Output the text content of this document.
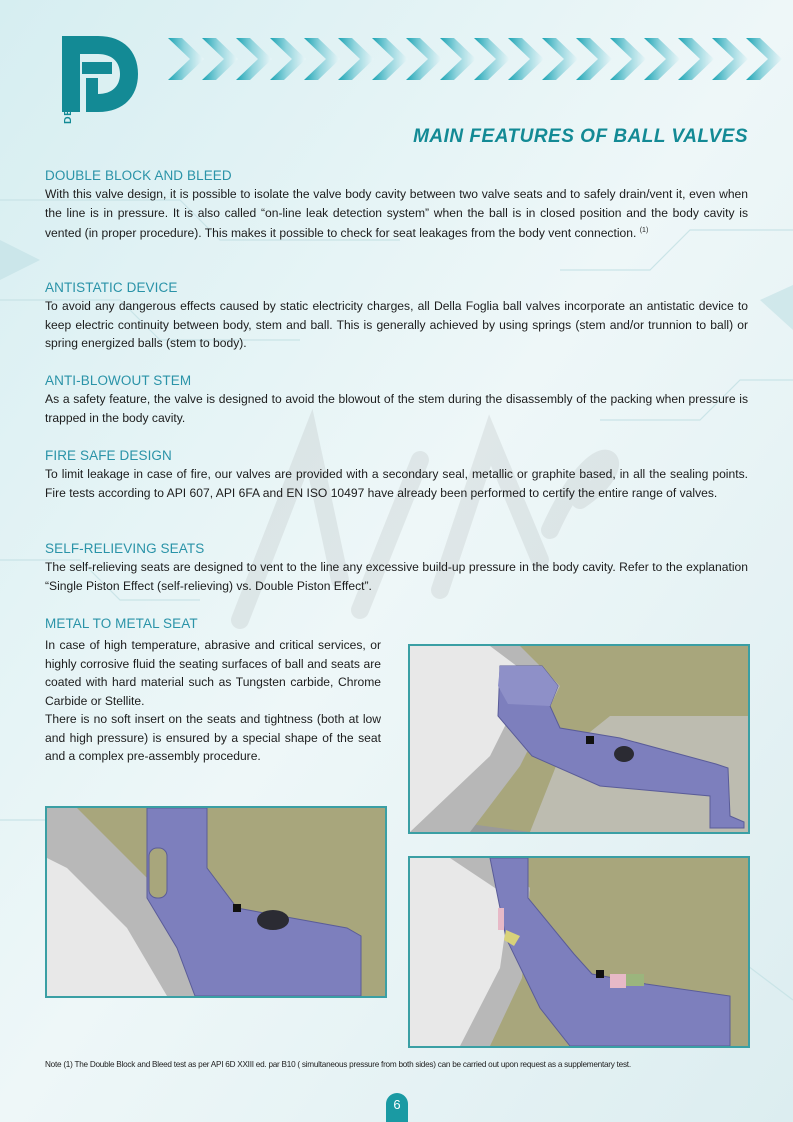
MAIN FEATURES OF BALL VALVES
DOUBLE BLOCK AND BLEED

With this valve design, it is possible to isolate the valve body cavity between two valve seats and to safely drain/vent it, even when the line is in pressure. It is also called “on-line leak detection system” when the ball is in closed position and the body cavity is vented (in proper procedure). This makes it possible to check for seat leakages from the body vent connection. $^{(1)}$

ANTISTATIC DEVICE

To avoid any dangerous effects caused by static electricity charges, all Della Foglia ball valves incorporate an antistatic device to keep electric continuity between body, stem and ball. This is generally achieved by using springs (stem and/or trunnion to ball) or spring energized balls (stem to body).

ANTI-BLOWOUT STEM

As a safety feature, the valve is designed to avoid the blowout of the stem during the disassembly of the packing when pressure is trapped in the body cavity.

FIRE SAFE DESIGN

To limit leakage in case of fire, our valves are provided with a secondary seal, metallic or graphite based, in all the sealing points. Fire tests according to API 607, API 6FA and EN ISO 10497 have already been performed to certify the entire range of valves.

SELF-RELIEVING SEATS

The self-relieving seats are designed to vent to the line any excessive build-up pressure in the body cavity. Refer to the explanation “Single Piston Effect (self-relieving) vs. Double Piston Effect”.

METAL TO METAL SEAT

In case of high temperature, abrasive and critical services, or highly corrosive fluid the seating surfaces of ball and seats are coated with hard material such as Tungsten carbide, Chrome Carbide or Stellite.

There is no soft insert on the seats and tightness (both at low and high pressure) is ensured by a special shape of the seat and a complex pre-assembly procedure.

Note (1) The Double Block and Bleed test as per API 6D XXIII ed. par B10 ( simultaneous pressure from both sides) can be carried out upon request as a supplementary test.
6
